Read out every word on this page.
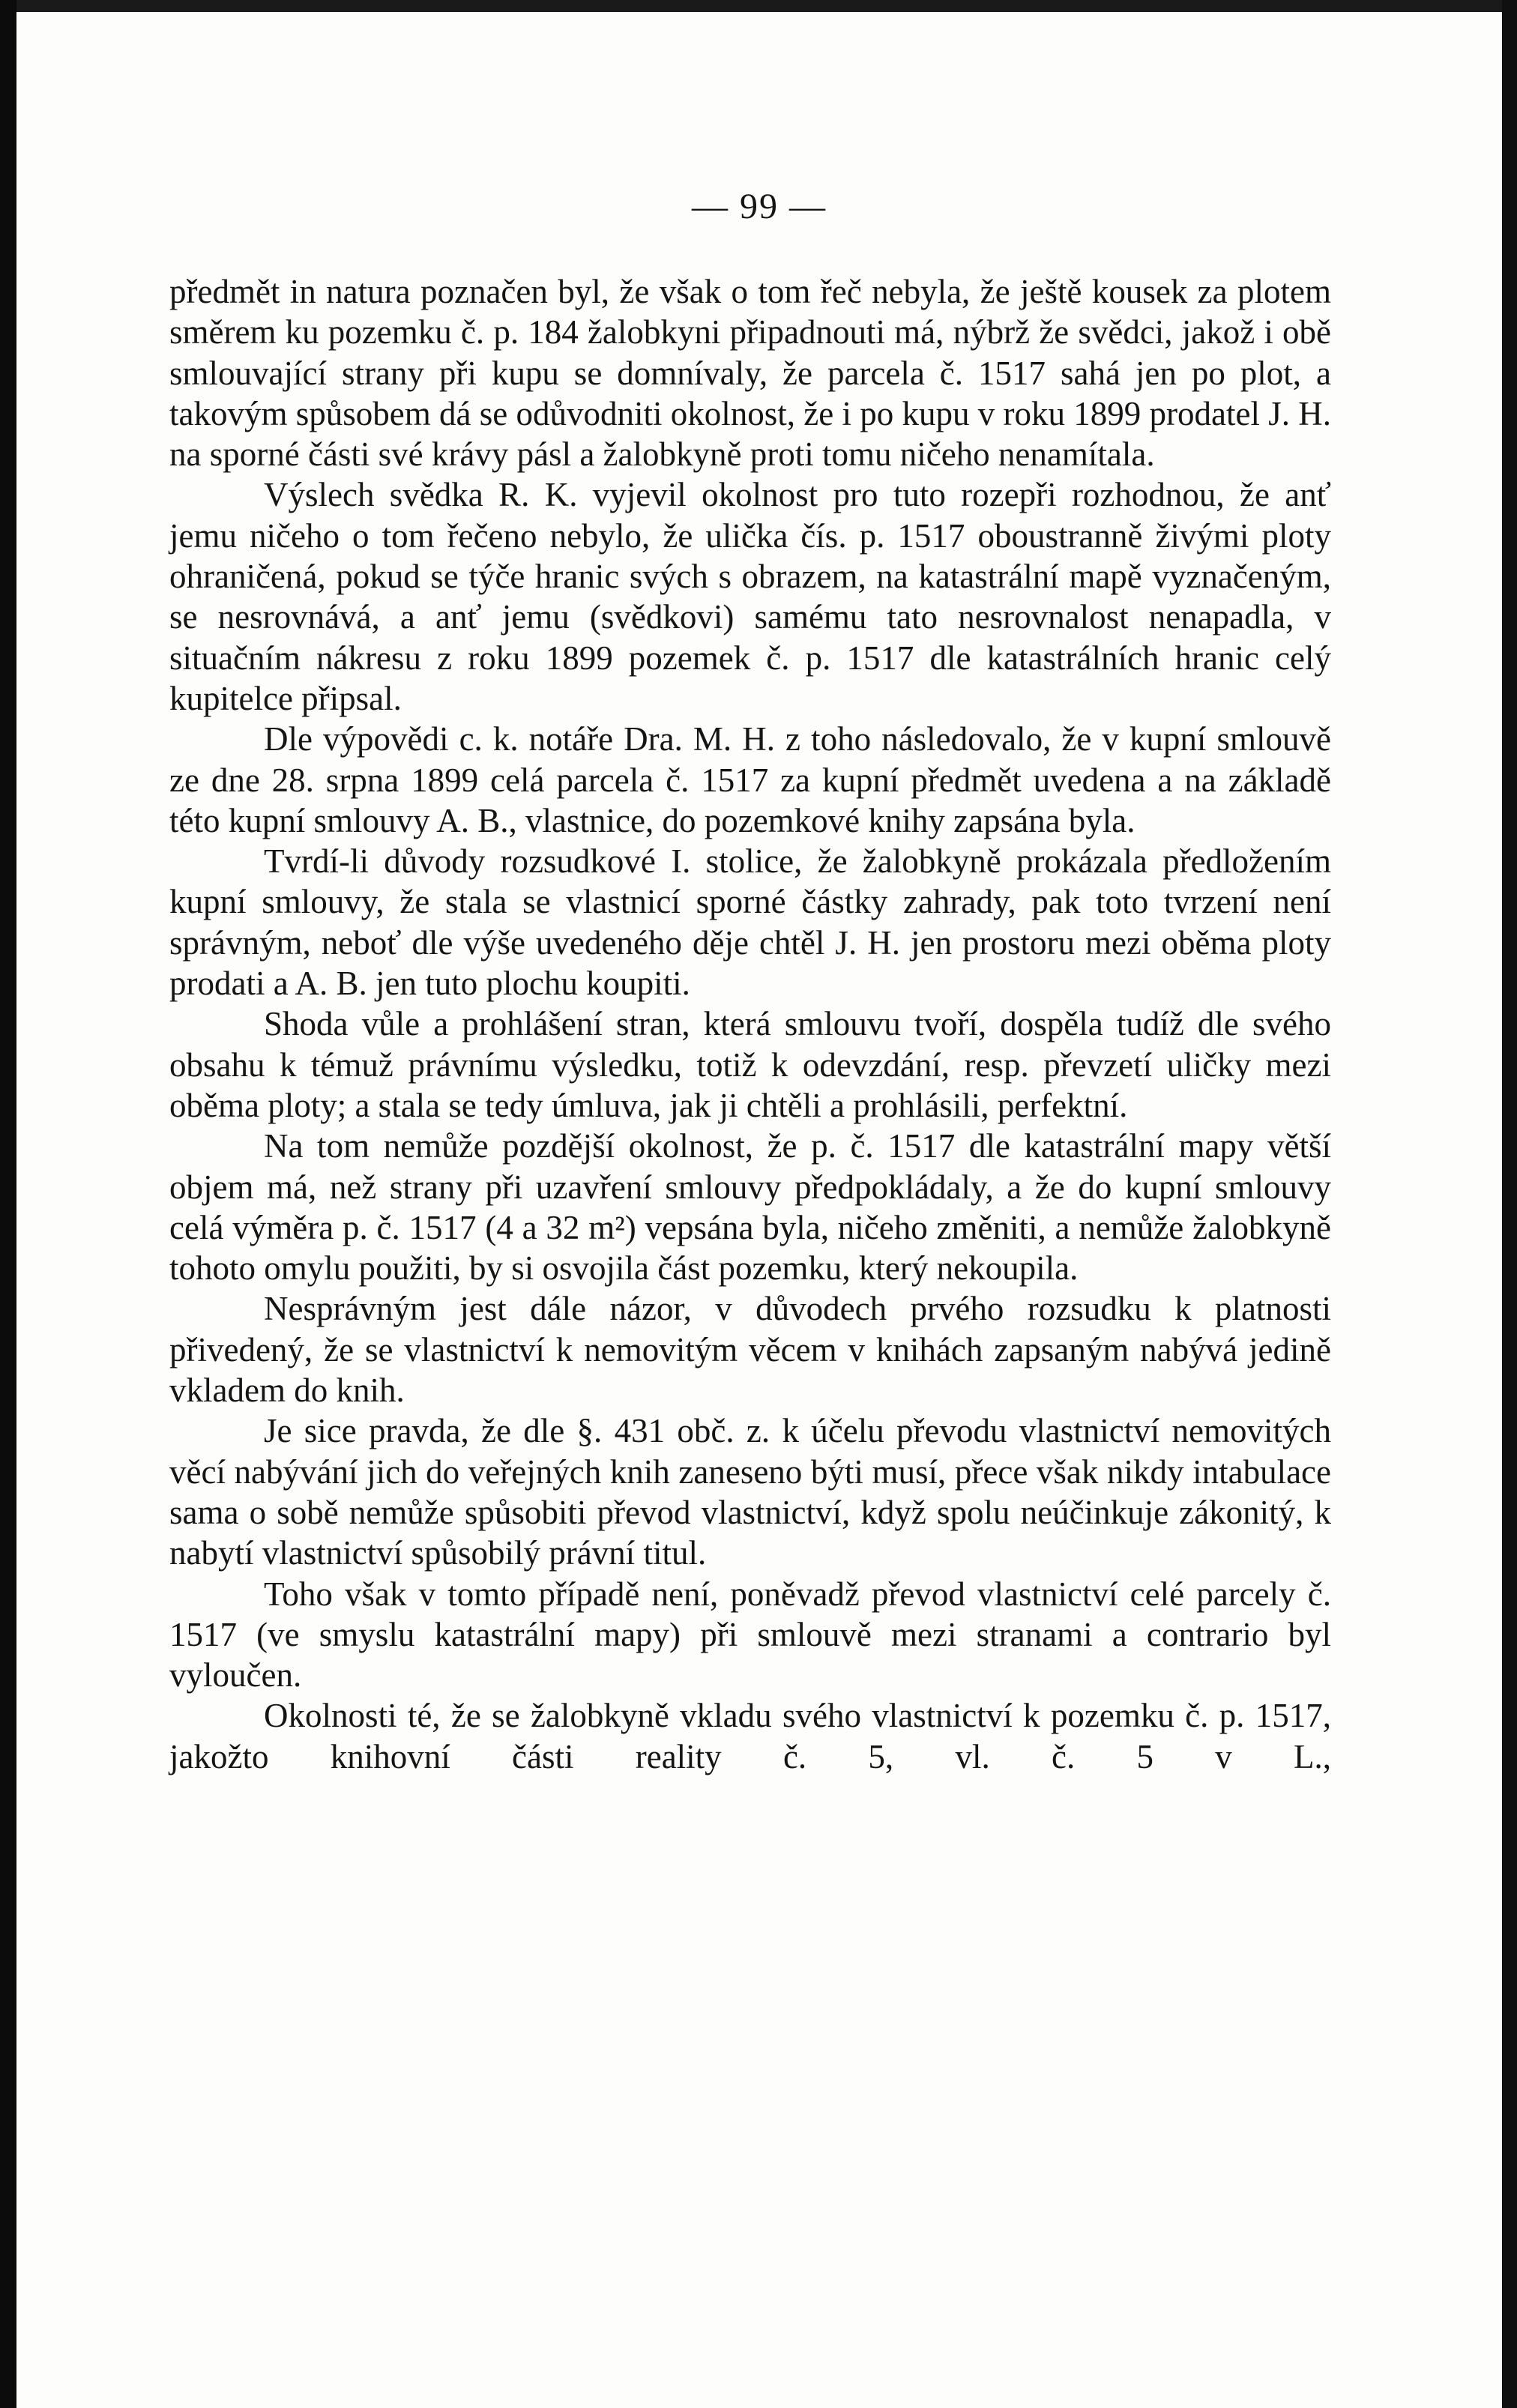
— 99 —

předmět in natura poznačen byl, že však o tom řeč nebyla, že ještě kousek za plotem směrem ku pozemku č. p. 184 žalobkyni připadnouti má, nýbrž že svědci, jakož i obě smlouvající strany při kupu se domnívaly, že parcela č. 1517 sahá jen po plot, a takovým spůsobem dá se odůvodniti okolnost, že i po kupu v roku 1899 prodatel J. H. na sporné části své krávy pásl a žalobkyně proti tomu ničeho nenamítala.

Výslech svědka R. K. vyjevil okolnost pro tuto rozepři rozhodnou, že anť jemu ničeho o tom řečeno nebylo, že ulička čís. p. 1517 oboustranně živými ploty ohraničená, pokud se týče hranic svých s obrazem, na katastrální mapě vyznačeným, se nesrovnává, a anť jemu (svědkovi) samému tato nesrovnalost nenapadla, v situačním nákresu z roku 1899 pozemek č. p. 1517 dle katastrálních hranic celý kupitelce připsal.

Dle výpovědi c. k. notáře Dra. M. H. z toho následovalo, že v kupní smlouvě ze dne 28. srpna 1899 celá parcela č. 1517 za kupní předmět uvedena a na základě této kupní smlouvy A. B., vlastnice, do pozemkové knihy zapsána byla.

Tvrdí-li důvody rozsudkové I. stolice, že žalobkyně prokázala předložením kupní smlouvy, že stala se vlastnicí sporné částky zahrady, pak toto tvrzení není správným, neboť dle výše uvedeného děje chtěl J. H. jen prostoru mezi oběma ploty prodati a A. B. jen tuto plochu koupiti.

Shoda vůle a prohlášení stran, která smlouvu tvoří, dospěla tudíž dle svého obsahu k témuž právnímu výsledku, totiž k odevzdání, resp. převzetí uličky mezi oběma ploty; a stala se tedy úmluva, jak ji chtěli a prohlásili, perfektní.

Na tom nemůže pozdější okolnost, že p. č. 1517 dle katastrální mapy větší objem má, než strany při uzavření smlouvy předpokládaly, a že do kupní smlouvy celá výměra p. č. 1517 (4 a 32 m²) vepsána byla, ničeho změniti, a nemůže žalobkyně tohoto omylu použiti, by si osvojila část pozemku, který nekoupila.

Nesprávným jest dále názor, v důvodech prvého rozsudku k platnosti přivedený, že se vlastnictví k nemovitým věcem v knihách zapsaným nabývá jedině vkladem do knih.

Je sice pravda, že dle §. 431 obč. z. k účelu převodu vlastnictví nemovitých věcí nabývání jich do veřejných knih zaneseno býti musí, přece však nikdy intabulace sama o sobě nemůže spůsobiti převod vlastnictví, když spolu neúčinkuje zákonitý, k nabytí vlastnictví spůsobilý právní titul.

Toho však v tomto případě není, poněvadž převod vlastnictví celé parcely č. 1517 (ve smyslu katastrální mapy) při smlouvě mezi stranami a contrario byl vyloučen.

Okolnosti té, že se žalobkyně vkladu svého vlastnictví k pozemku č. p. 1517, jakožto knihovní části reality č. 5, vl. č. 5 v L.,
